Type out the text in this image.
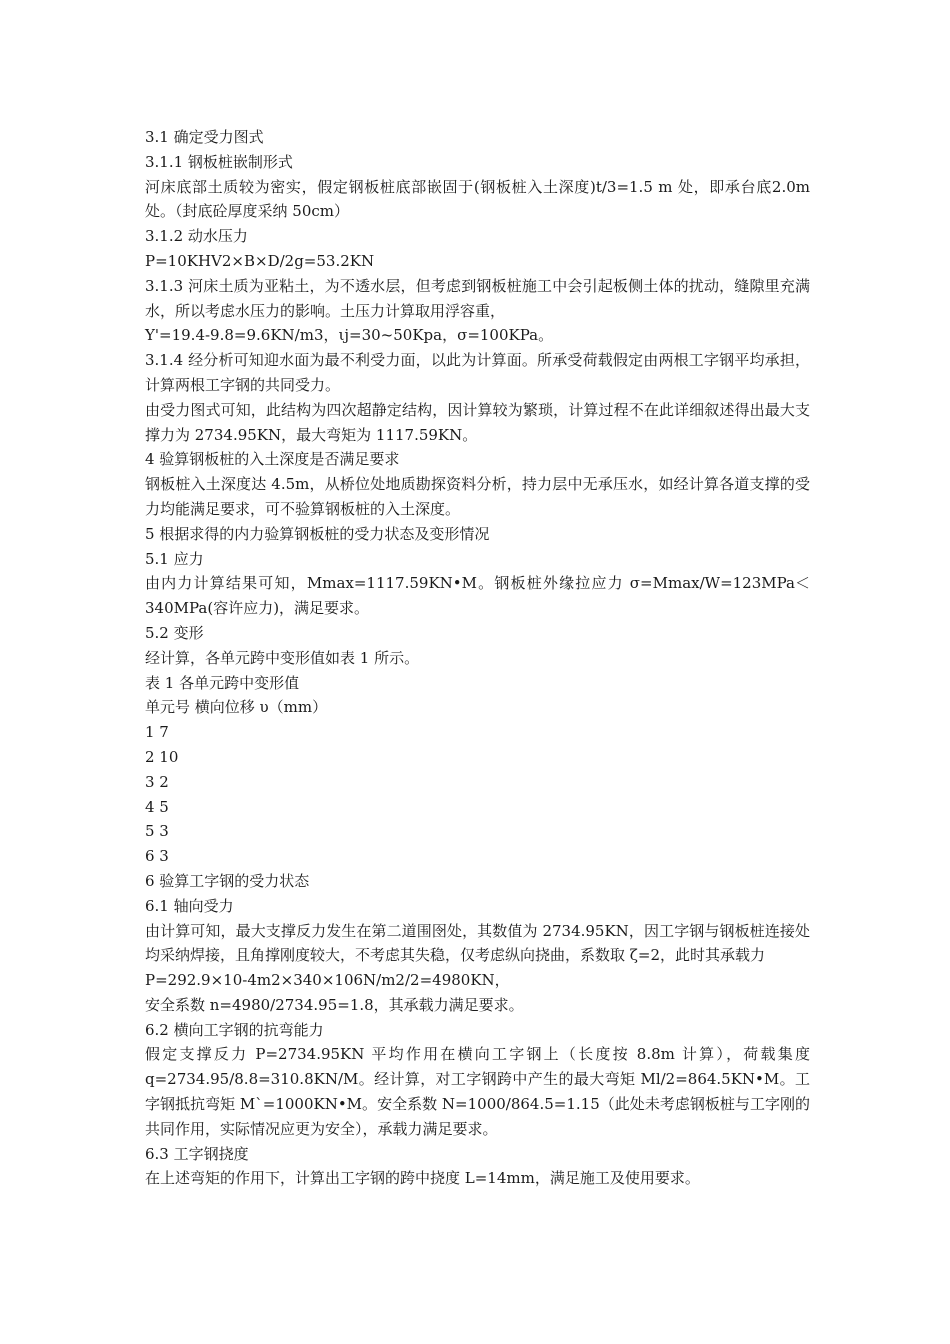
3.1 确定受力图式

3.1.1 钢板桩嵌制形式

河床底部土质较为密实，假定钢板桩底部嵌固于(钢板桩入土深度)t/3=1.5 m 处，即承台底2.0m 处。（封底砼厚度采纳 50cm）

3.1.2 动水压力

P=10KHV2×B×D/2g=53.2KN

3.1.3 河床土质为亚粘土，为不透水层，但考虑到钢板桩施工中会引起板侧土体的扰动，缝隙里充满水，所以考虑水压力的影响。土压力计算取用浮容重，

Y'=19.4-9.8=9.6KN/m3，ιj=30~50Kpa，σ=100KPa。

3.1.4 经分析可知迎水面为最不利受力面，以此为计算面。所承受荷载假定由两根工字钢平均承担，计算两根工字钢的共同受力。

由受力图式可知，此结构为四次超静定结构，因计算较为繁琐，计算过程不在此详细叙述得出最大支撑力为 2734.95KN，最大弯矩为 1117.59KN。

4 验算钢板桩的入土深度是否满足要求

钢板桩入土深度达 4.5m，从桥位处地质勘探资料分析，持力层中无承压水，如经计算各道支撑的受力均能满足要求，可不验算钢板桩的入土深度。

5 根据求得的内力验算钢板桩的受力状态及变形情况

5.1 应力

由内力计算结果可知，Mmax=1117.59KN•M。钢板桩外缘拉应力 σ=Mmax/W=123MPa＜340MPa(容许应力)，满足要求。

5.2 变形

经计算，各单元跨中变形值如表 1 所示。

表 1 各单元跨中变形值

单元号 横向位移 υ（mm）

1 7

2 10

3 2

4 5

5 3

6 3

6 验算工字钢的受力状态

6.1 轴向受力

由计算可知，最大支撑反力发生在第二道围囹处，其数值为 2734.95KN，因工字钢与钢板桩连接处均采纳焊接，且角撑刚度较大，不考虑其失稳，仅考虑纵向挠曲，系数取 ζ=2，此时其承载力

P=292.9×10-4m2×340×106N/m2/2=4980KN，

安全系数 n=4980/2734.95=1.8，其承载力满足要求。

6.2 横向工字钢的抗弯能力

假定支撑反力 P=2734.95KN 平均作用在横向工字钢上（长度按 8.8m 计算），荷载集度q=2734.95/8.8=310.8KN/M。经计算，对工字钢跨中产生的最大弯矩 Ml/2=864.5KN•M。工字钢抵抗弯矩 M`=1000KN•M。安全系数 N=1000/864.5=1.15（此处未考虑钢板桩与工字刚的共同作用，实际情况应更为安全），承载力满足要求。

6.3 工字钢挠度

在上述弯矩的作用下，计算出工字钢的跨中挠度 L=14mm，满足施工及使用要求。
